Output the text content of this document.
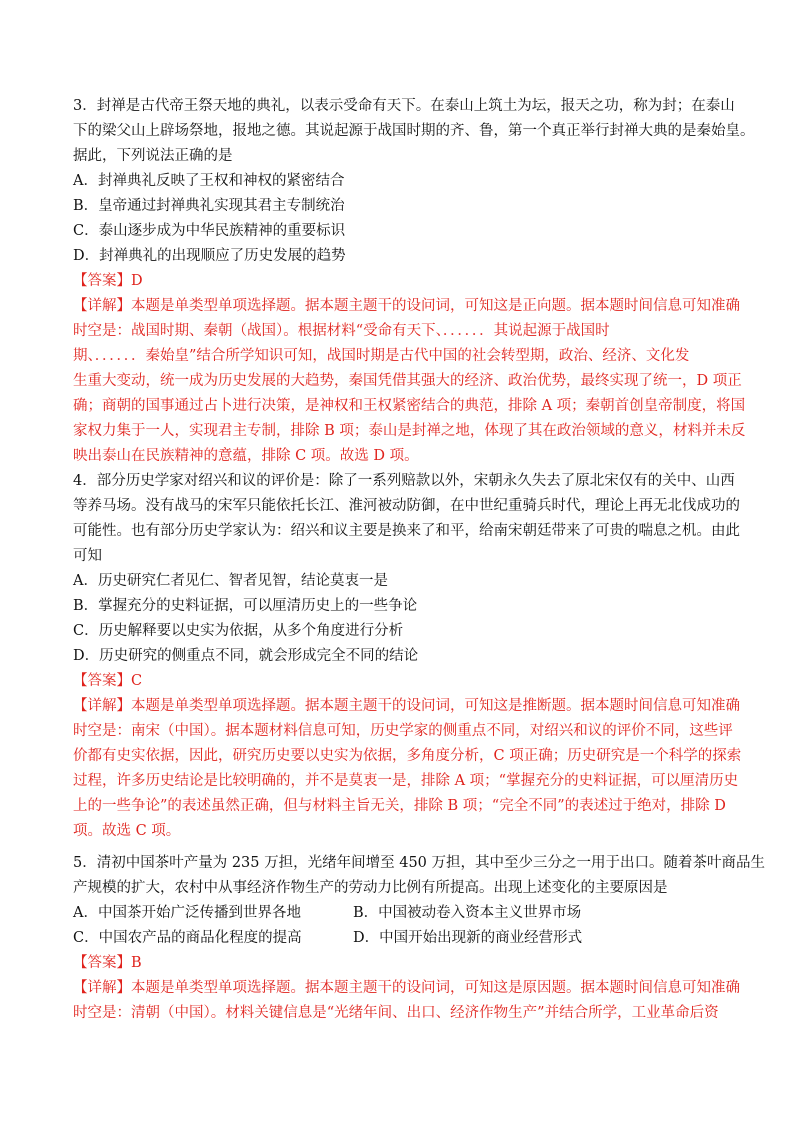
3．封禅是古代帝王祭天地的典礼，以表示受命有天下。在泰山上筑土为坛，报天之功，称为封；在泰山
下的梁父山上辟场祭地，报地之德。其说起源于战国时期的齐、鲁，第一个真正举行封禅大典的是秦始皇。
据此，下列说法正确的是
A．封禅典礼反映了王权和神权的紧密结合
B．皇帝通过封禅典礼实现其君主专制统治
C．泰山逐步成为中华民族精神的重要标识
D．封禅典礼的出现顺应了历史发展的趋势
【答案】D
【详解】本题是单类型单项选择题。据本题主题干的设问词，可知这是正向题。据本题时间信息可知准确
时空是：战国时期、秦朝（战国）。根据材料“受命有天下、．．．．．．其说起源于战国时
期、．．．．．．秦始皇”结合所学知识可知，战国时期是古代中国的社会转型期，政治、经济、文化发
生重大变动，统一成为历史发展的大趋势，秦国凭借其强大的经济、政治优势，最终实现了统一，D 项正
确；商朝的国事通过占卜进行决策，是神权和王权紧密结合的典范，排除 A 项；秦朝首创皇帝制度，将国
家权力集于一人，实现君主专制，排除 B 项；泰山是封禅之地，体现了其在政治领域的意义，材料并未反
映出泰山在民族精神的意蕴，排除 C 项。故选 D 项。
4．部分历史学家对绍兴和议的评价是：除了一系列赔款以外，宋朝永久失去了原北宋仅有的关中、山西
等养马场。没有战马的宋军只能依托长江、淮河被动防御，在中世纪重骑兵时代，理论上再无北伐成功的
可能性。也有部分历史学家认为：绍兴和议主要是换来了和平，给南宋朝廷带来了可贵的喘息之机。由此
可知
A．历史研究仁者见仁、智者见智，结论莫衷一是
B．掌握充分的史料证据，可以厘清历史上的一些争论
C．历史解释要以史实为依据，从多个角度进行分析
D．历史研究的侧重点不同，就会形成完全不同的结论
【答案】C
【详解】本题是单类型单项选择题。据本题主题干的设问词，可知这是推断题。据本题时间信息可知准确
时空是：南宋（中国）。据本题材料信息可知，历史学家的侧重点不同，对绍兴和议的评价不同，这些评
价都有史实依据，因此，研究历史要以史实为依据，多角度分析，C 项正确；历史研究是一个科学的探索
过程，许多历史结论是比较明确的，并不是莫衷一是，排除 A 项；“掌握充分的史料证据，可以厘清历史
上的一些争论”的表述虽然正确，但与材料主旨无关，排除 B 项；“完全不同”的表述过于绝对，排除 D
项。故选 C 项。
5．清初中国茶叶产量为 235 万担，光绪年间增至 450 万担，其中至少三分之一用于出口。随着茶叶商品生
产规模的扩大，农村中从事经济作物生产的劳动力比例有所提高。出现上述变化的主要原因是
A．中国茶开始广泛传播到世界各地	B．中国被动卷入资本主义世界市场
C．中国农产品的商品化程度的提高	D．中国开始出现新的商业经营形式
【答案】B
【详解】本题是单类型单项选择题。据本题主题干的设问词，可知这是原因题。据本题时间信息可知准确
时空是：清朝（中国）。材料关键信息是“光绪年间、出口、经济作物生产”并结合所学，工业革命后资
